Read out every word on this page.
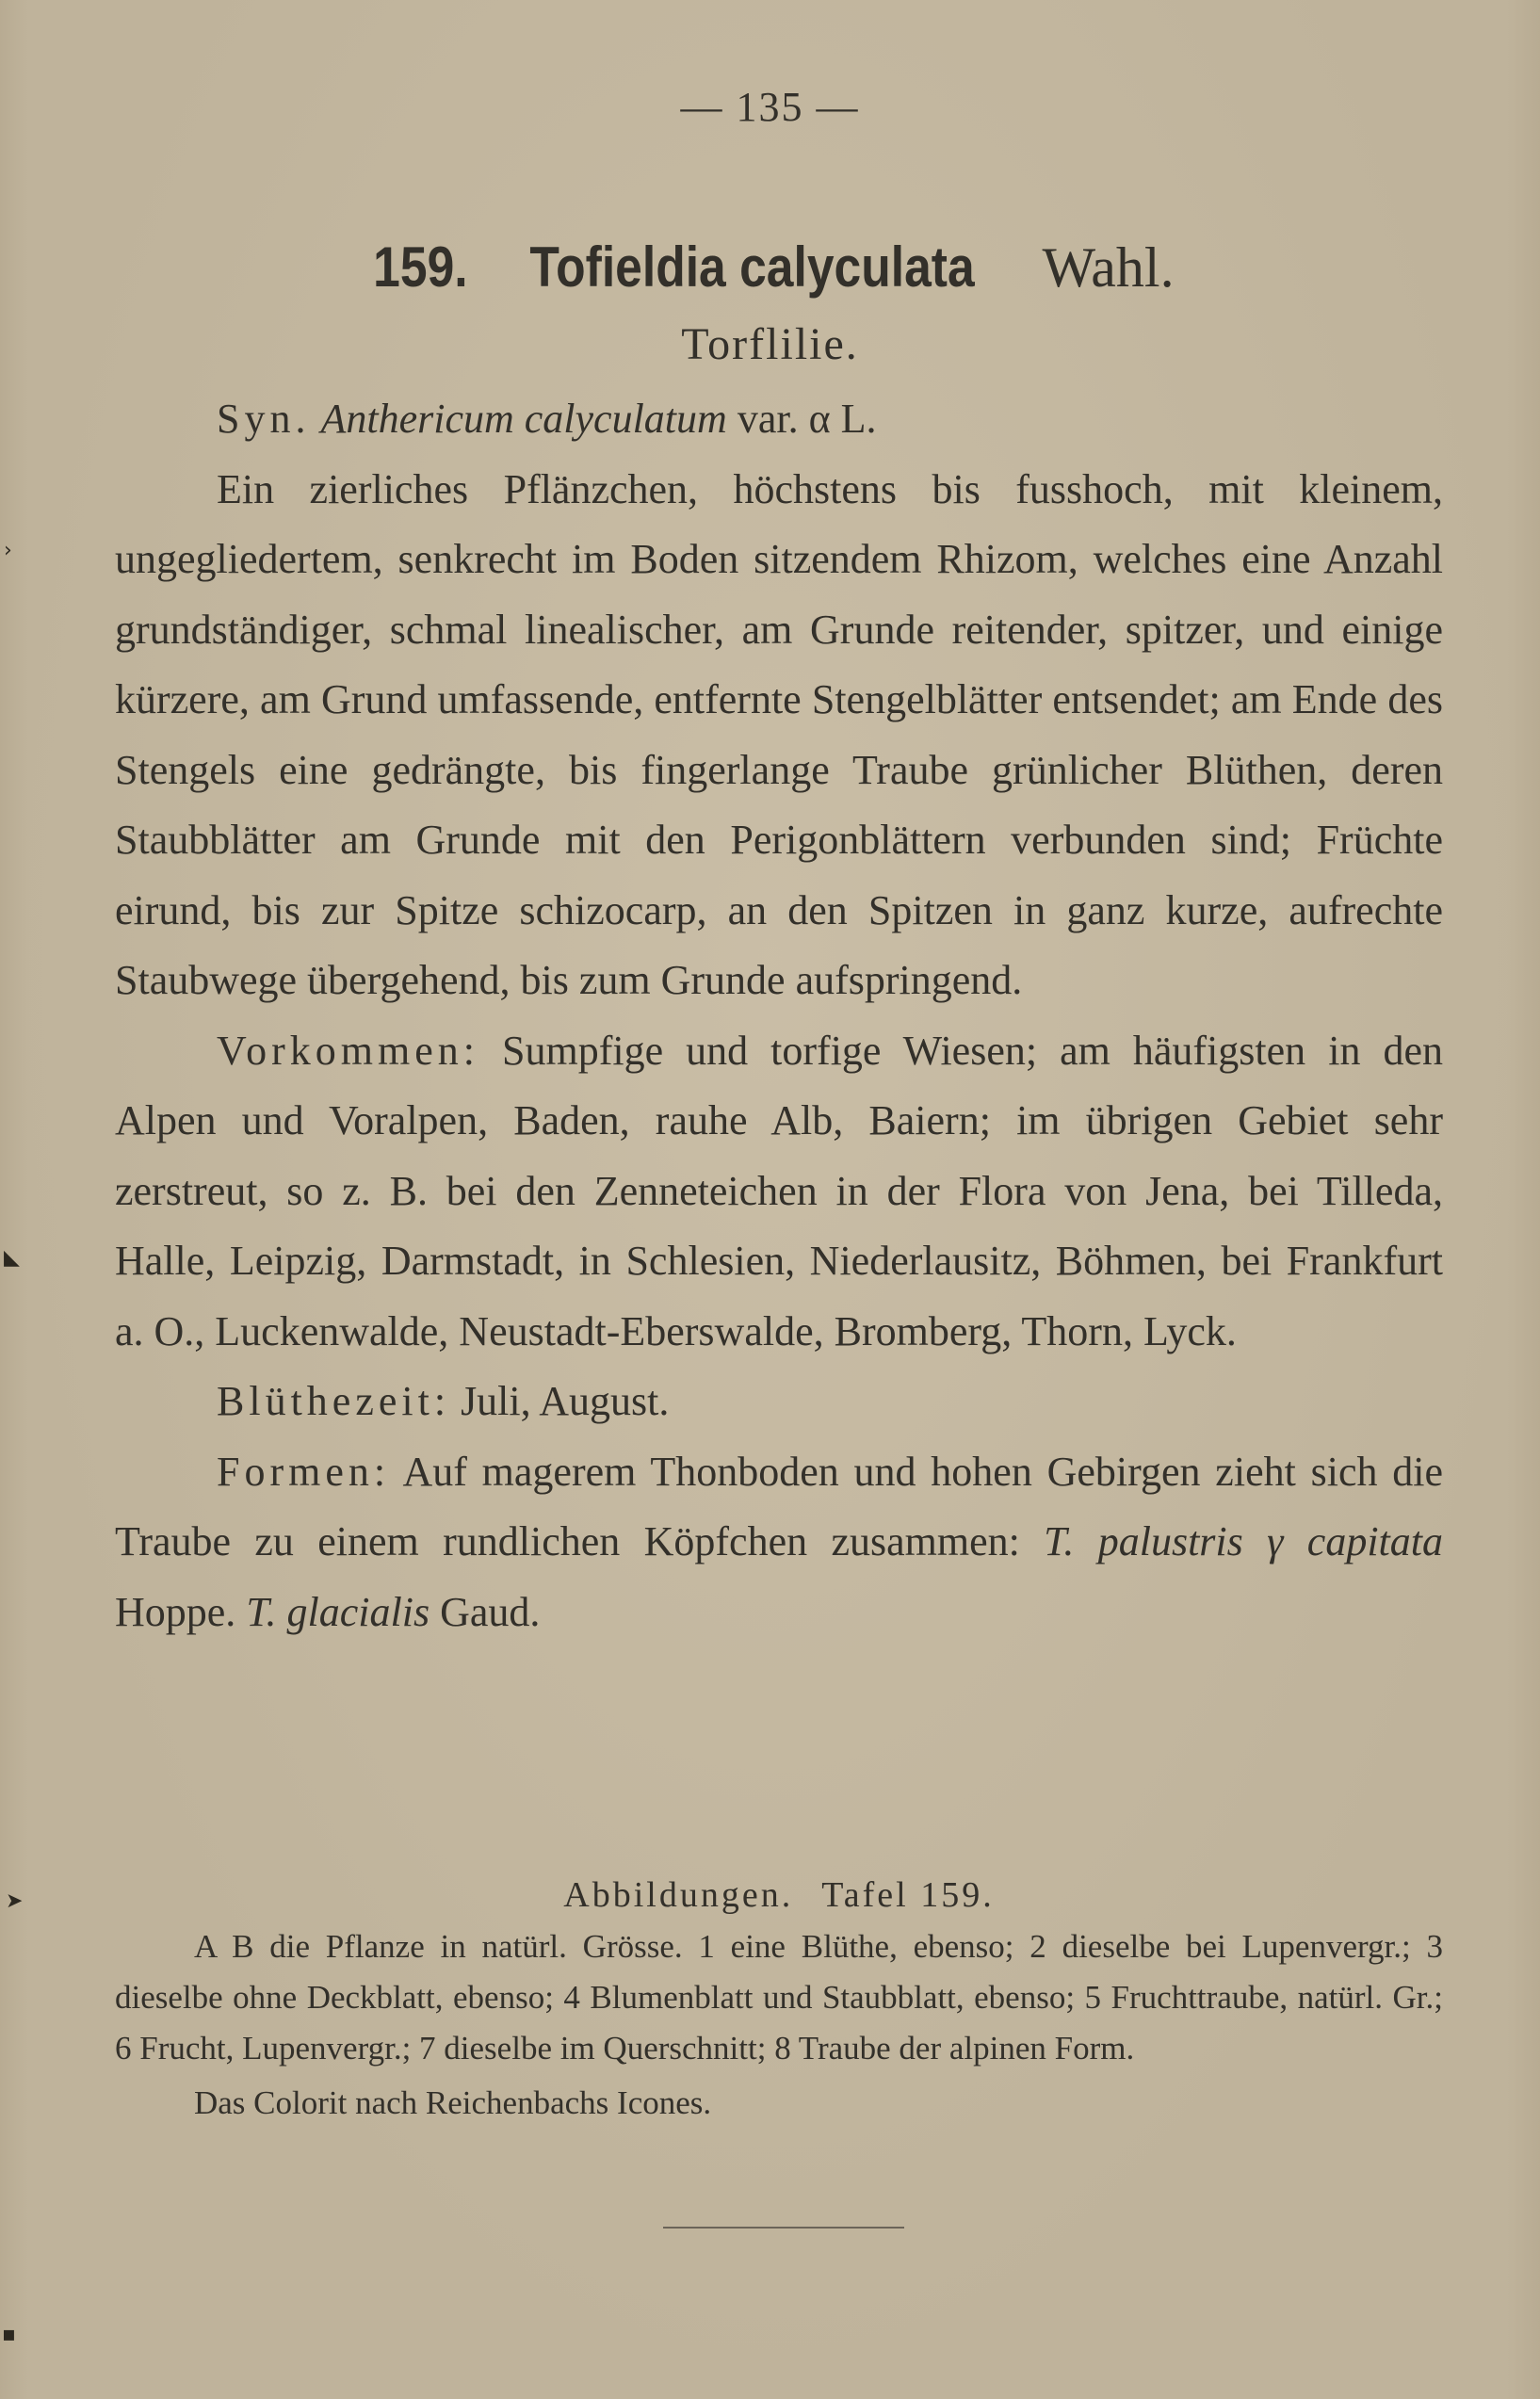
— 135 —
159. Tofieldia calyculata Wahl.
Torflilie.

Syn. Anthericum calyculatum var. α L.

Ein zierliches Pflänzchen, höchstens bis fusshoch, mit kleinem, ungegliedertem, senkrecht im Boden sitzendem Rhizom, welches eine Anzahl grundständiger, schmal linealischer, am Grunde reitender, spitzer, und einige kürzere, am Grund umfassende, entfernte Stengelblätter entsendet; am Ende des Stengels eine gedrängte, bis fingerlange Traube grünlicher Blüthen, deren Staubblätter am Grunde mit den Perigonblättern verbunden sind; Früchte eirund, bis zur Spitze schizocarp, an den Spitzen in ganz kurze, aufrechte Staubwege übergehend, bis zum Grunde aufspringend.

Vorkommen: Sumpfige und torfige Wiesen; am häufigsten in den Alpen und Voralpen, Baden, rauhe Alb, Baiern; im übrigen Gebiet sehr zerstreut, so z. B. bei den Zenneteichen in der Flora von Jena, bei Tilleda, Halle, Leipzig, Darmstadt, in Schlesien, Niederlausitz, Böhmen, bei Frankfurt a. O., Luckenwalde, Neustadt-Eberswalde, Bromberg, Thorn, Lyck.

Blüthezeit: Juli, August.

Formen: Auf magerem Thonboden und hohen Gebirgen zieht sich die Traube zu einem rundlichen Köpfchen zusammen: T. palustris γ capitata Hoppe. T. glacialis Gaud.

Abbildungen. Tafel 159.

A B die Pflanze in natürl. Grösse. 1 eine Blüthe, ebenso; 2 dieselbe bei Lupenvergr.; 3 dieselbe ohne Deckblatt, ebenso; 4 Blumenblatt und Staubblatt, ebenso; 5 Fruchttraube, natürl. Gr.; 6 Frucht, Lupenvergr.; 7 dieselbe im Querschnitt; 8 Traube der alpinen Form.

Das Colorit nach Reichenbachs Icones.

›
◣
➤
▪
